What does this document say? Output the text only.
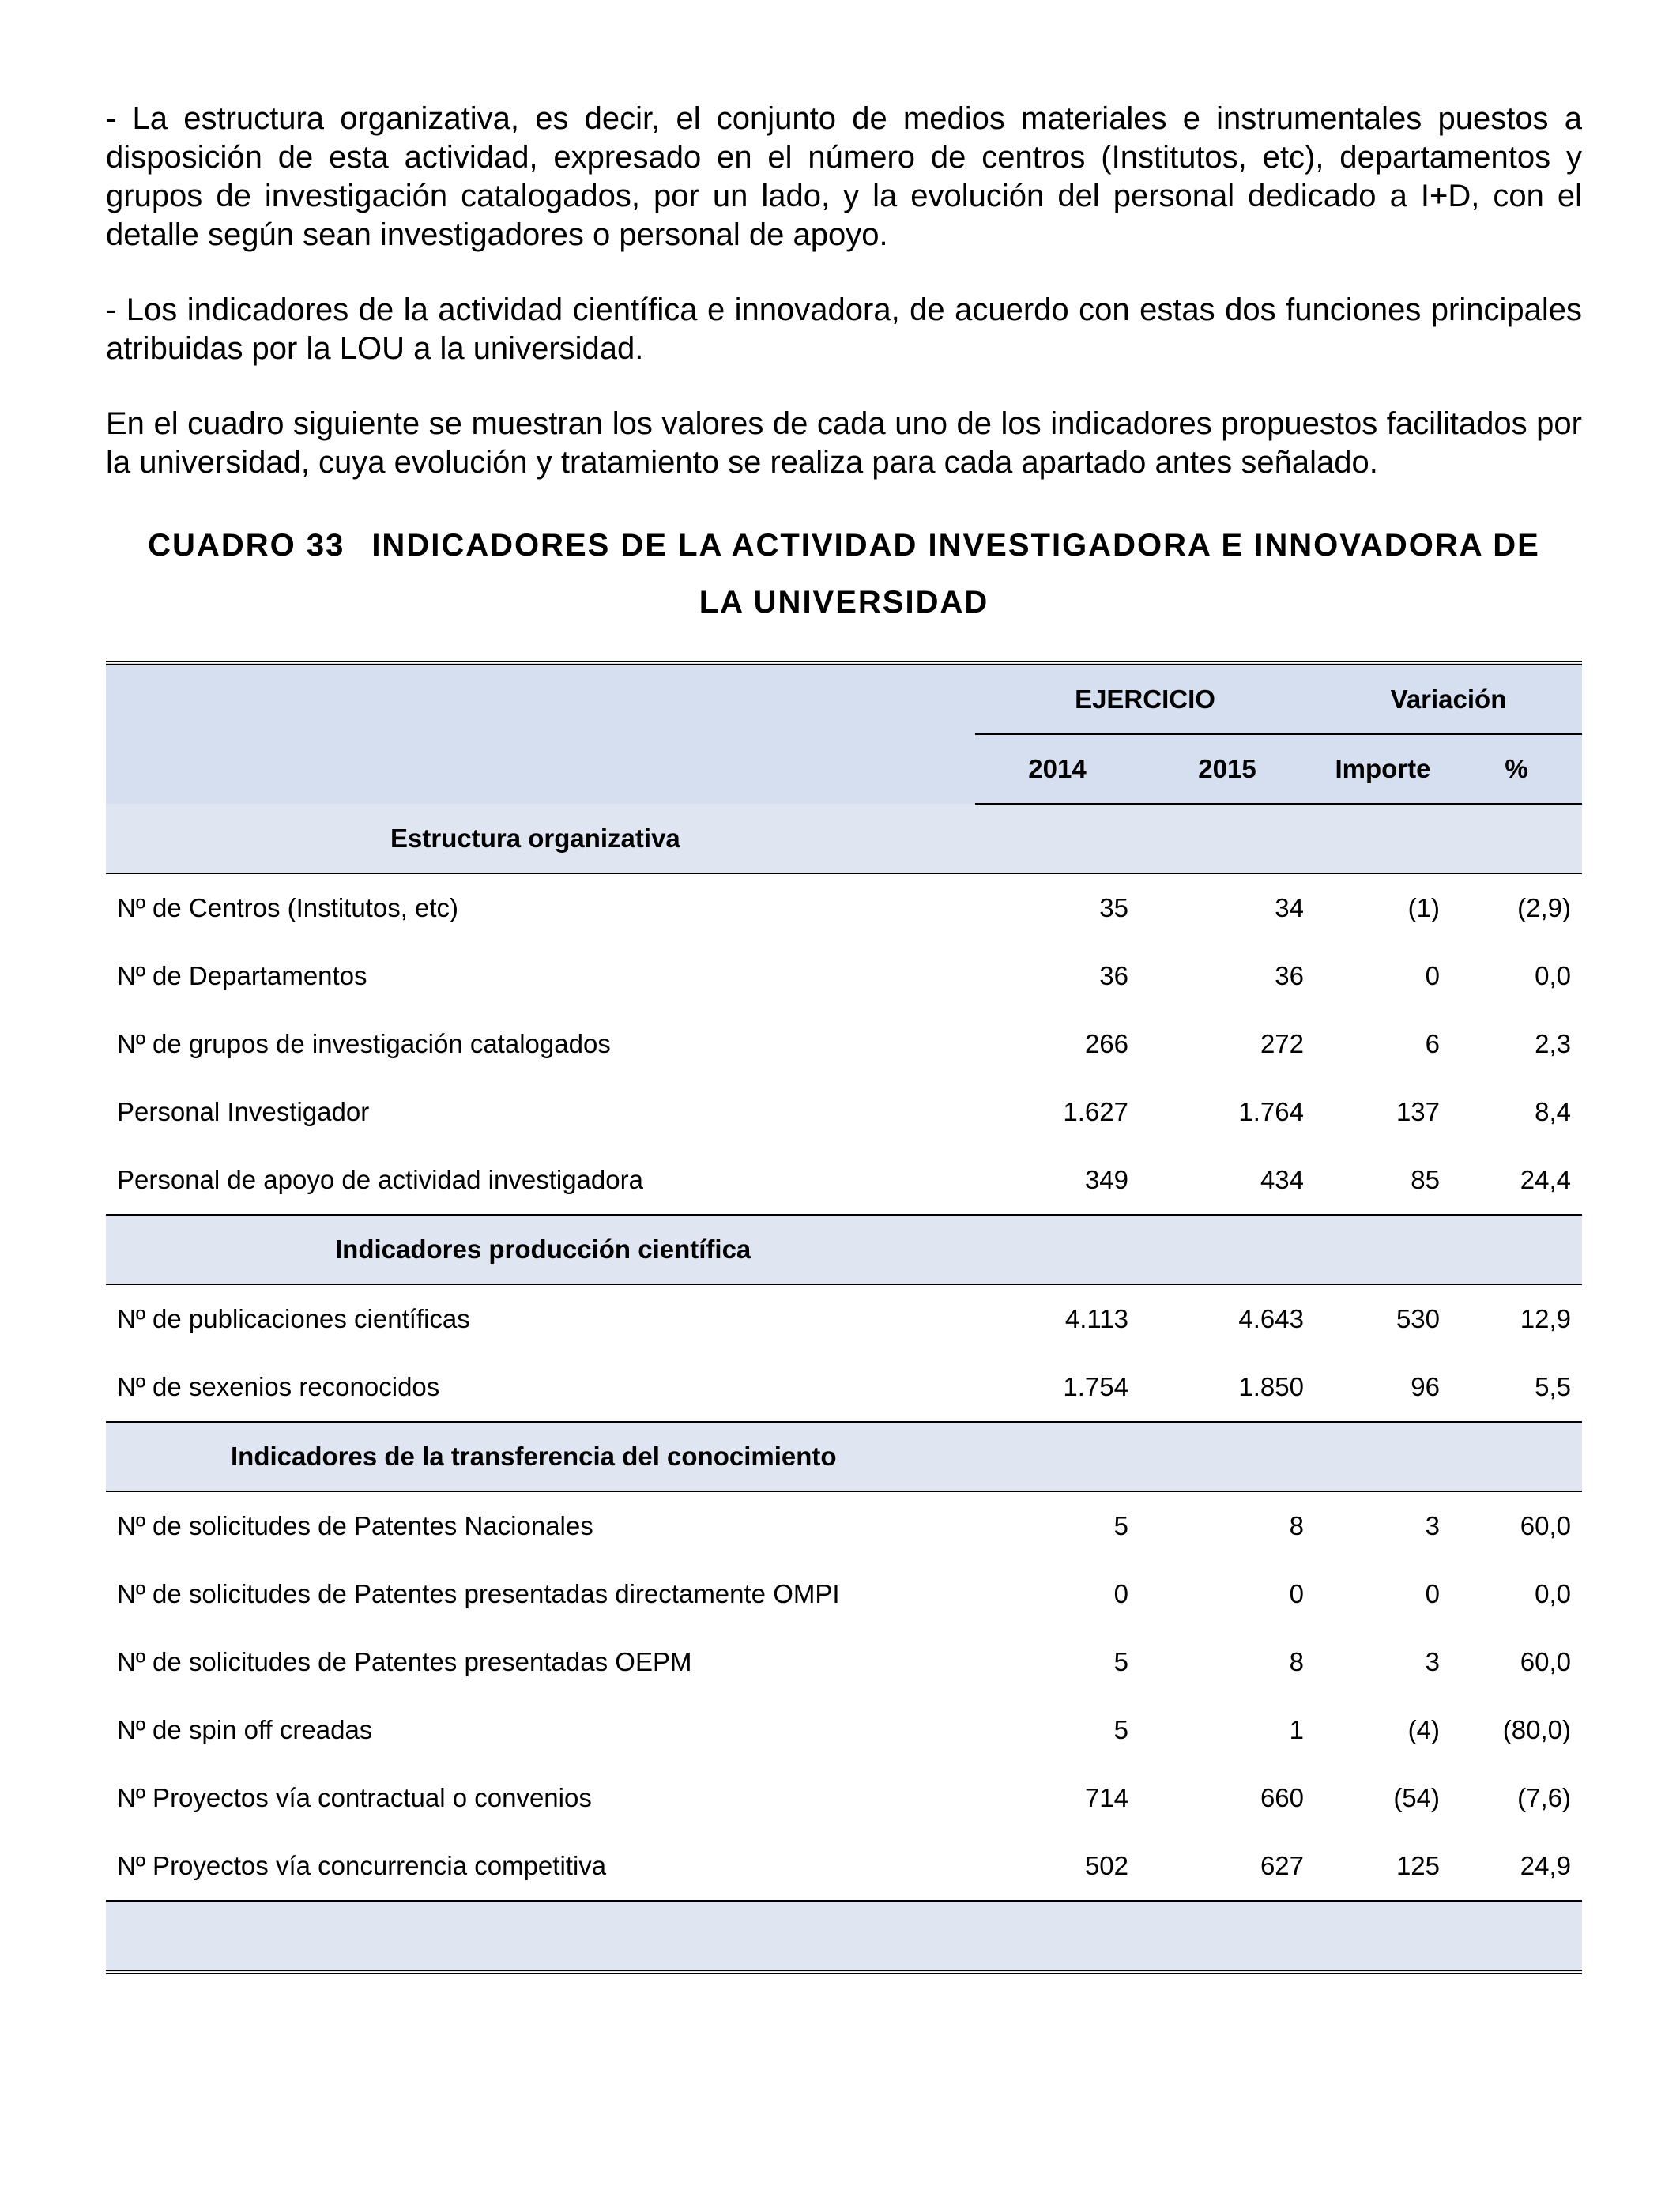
- La estructura organizativa, es decir, el conjunto de medios materiales e instrumentales puestos a disposición de esta actividad, expresado en el número de centros (Institutos, etc), departamentos y grupos de investigación catalogados, por un lado, y la evolución del personal dedicado a I+D, con el detalle según sean investigadores o personal de apoyo.

- Los indicadores de la actividad científica e innovadora, de acuerdo con estas dos funciones principales atribuidas por la LOU a la universidad.

En el cuadro siguiente se muestran los valores de cada uno de los indicadores propuestos facilitados por la universidad, cuya evolución y tratamiento se realiza para cada apartado antes señalado.

CUADRO 33 INDICADORES DE LA ACTIVIDAD INVESTIGADORA E INNOVADORA DE
LA UNIVERSIDAD
	EJERCICIO		Variación	
	2014	2015	Importe	%
Estructura organizativa				
Nº de Centros (Institutos, etc)	35	34	(1)	(2,9)
Nº de Departamentos	36	36	0	0,0
Nº de grupos de investigación catalogados	266	272	6	2,3
Personal Investigador	1.627	1.764	137	8,4
Personal de apoyo de actividad investigadora	349	434	85	24,4
Indicadores producción científica				
Nº de publicaciones científicas	4.113	4.643	530	12,9
Nº de sexenios reconocidos	1.754	1.850	96	5,5
Indicadores de la transferencia del conocimiento				
Nº de solicitudes de Patentes Nacionales	5	8	3	60,0
Nº de solicitudes de Patentes presentadas directamente OMPI	0	0	0	0,0
Nº de solicitudes de Patentes presentadas OEPM	5	8	3	60,0
Nº de spin off creadas	5	1	(4)	(80,0)
Nº Proyectos vía contractual o convenios	714	660	(54)	(7,6)
Nº Proyectos vía concurrencia competitiva	502	627	125	24,9
